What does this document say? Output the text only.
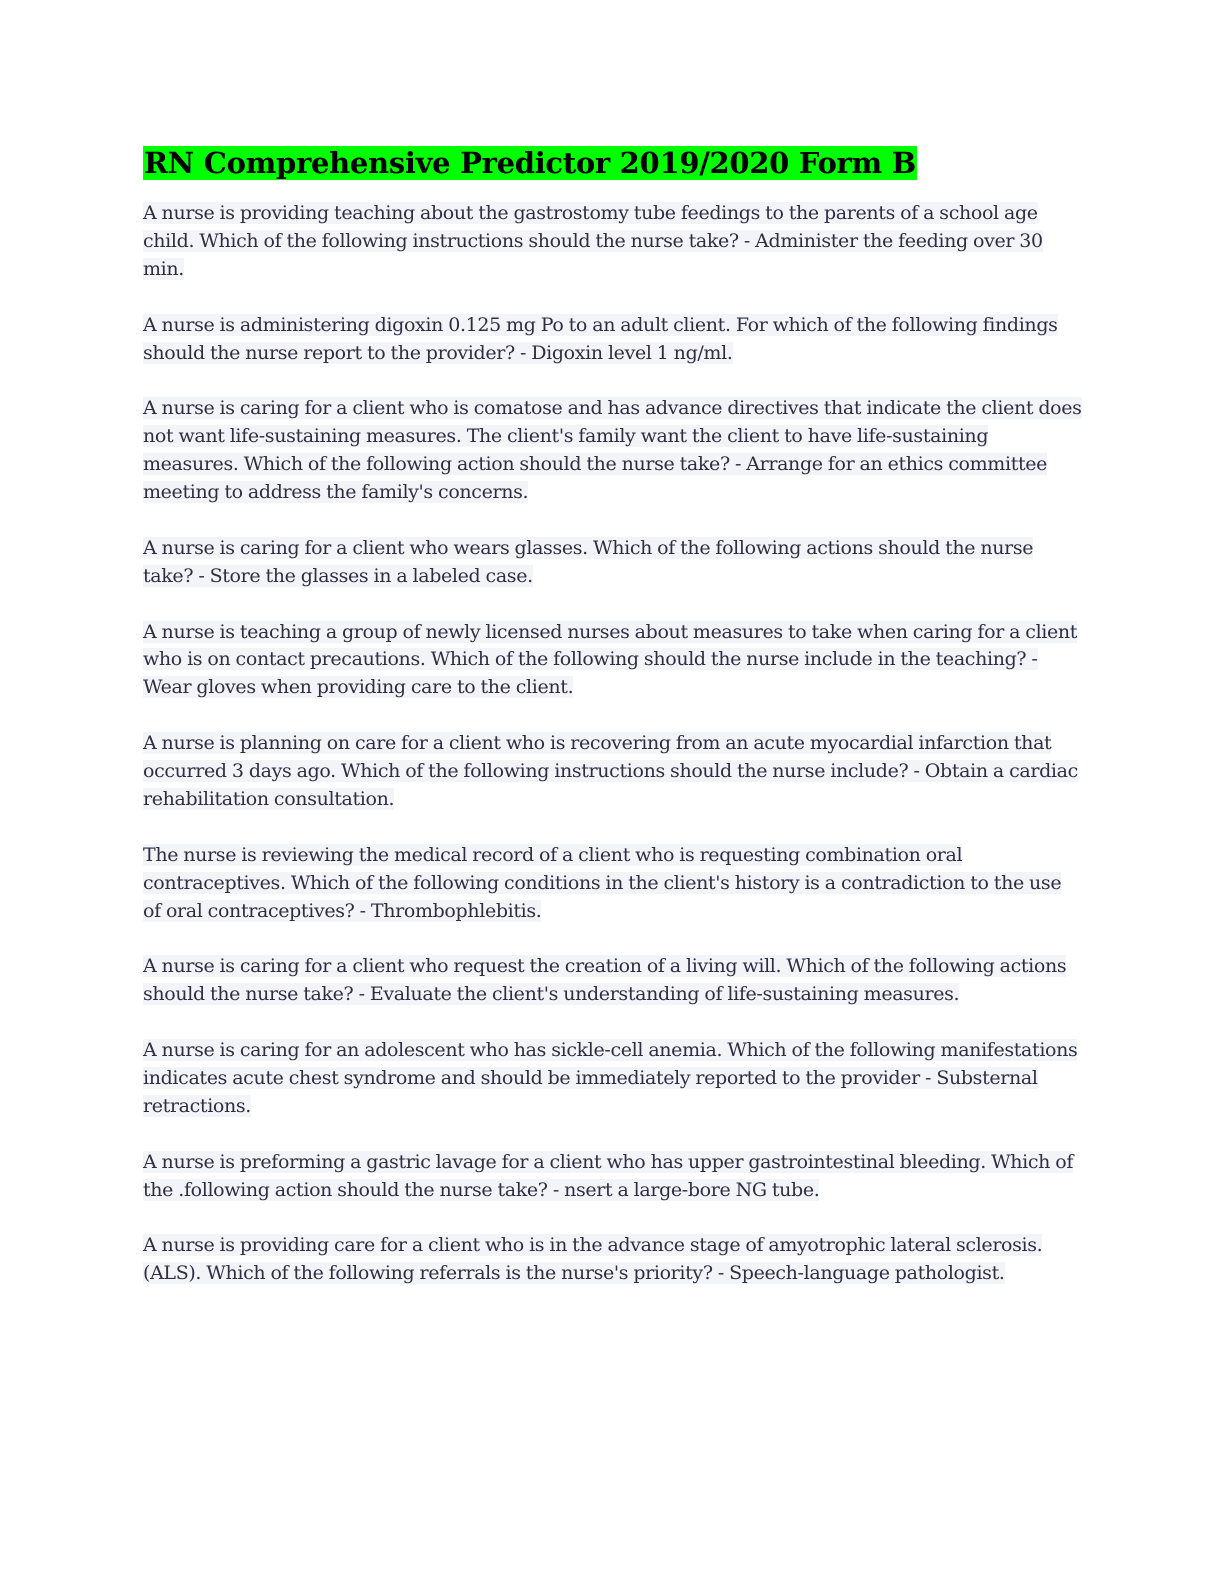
RN Comprehensive Predictor 2019/2020 Form B

A nurse is providing teaching about the gastrostomy tube feedings to the parents of a school age child. Which of the following instructions should the nurse take? - Administer the feeding over 30 min.

A nurse is administering digoxin 0.125 mg Po to an adult client. For which of the following findings should the nurse report to the provider? - Digoxin level 1 ng/ml.

A nurse is caring for a client who is comatose and has advance directives that indicate the client does not want life-sustaining measures. The client's family want the client to have life-sustaining measures. Which of the following action should the nurse take? - Arrange for an ethics committee meeting to address the family's concerns.

A nurse is caring for a client who wears glasses. Which of the following actions should the nurse take? - Store the glasses in a labeled case.

A nurse is teaching a group of newly licensed nurses about measures to take when caring for a client who is on contact precautions. Which of the following should the nurse include in the teaching? - Wear gloves when providing care to the client.

A nurse is planning on care for a client who is recovering from an acute myocardial infarction that occurred 3 days ago. Which of the following instructions should the nurse include? - Obtain a cardiac rehabilitation consultation.

The nurse is reviewing the medical record of a client who is requesting combination oral contraceptives. Which of the following conditions in the client's history is a contradiction to the use of oral contraceptives? - Thrombophlebitis.

A nurse is caring for a client who request the creation of a living will. Which of the following actions should the nurse take? - Evaluate the client's understanding of life-sustaining measures.

A nurse is caring for an adolescent who has sickle-cell anemia. Which of the following manifestations indicates acute chest syndrome and should be immediately reported to the provider - Substernal retractions.

A nurse is preforming a gastric lavage for a client who has upper gastrointestinal bleeding. Which of the .following action should the nurse take? - nsert a large-bore NG tube.

A nurse is providing care for a client who is in the advance stage of amyotrophic lateral sclerosis. (ALS). Which of the following referrals is the nurse's priority? - Speech-language pathologist.
